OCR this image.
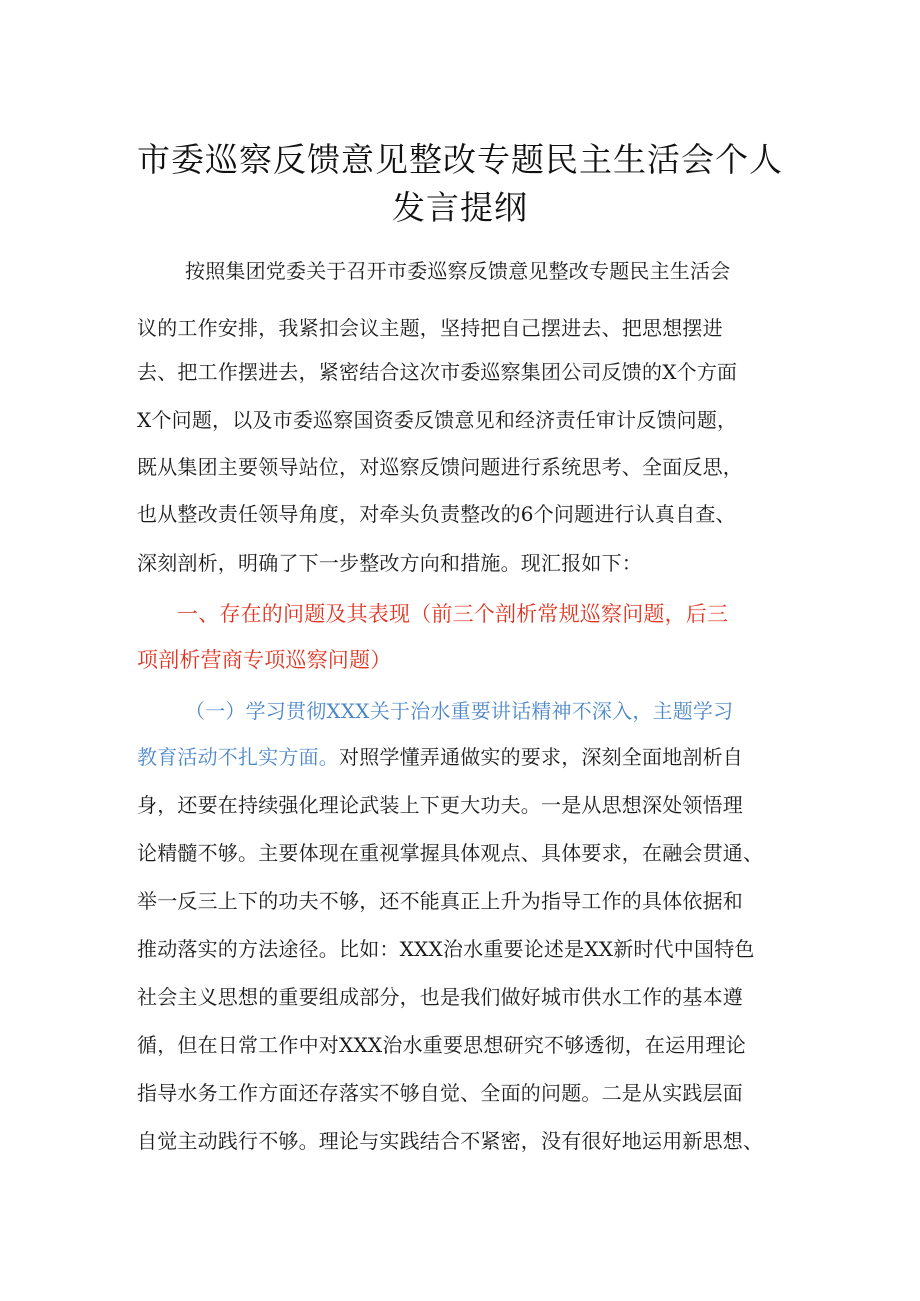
市委巡察反馈意见整改专题民主生活会个人
发言提纲

按照集团党委关于召开市委巡察反馈意见整改专题民主生活会

议的工作安排，我紧扣会议主题，坚持把自己摆进去、把思想摆进

去、把工作摆进去，紧密结合这次市委巡察集团公司反馈的X个方面

X个问题，以及市委巡察国资委反馈意见和经济责任审计反馈问题，

既从集团主要领导站位，对巡察反馈问题进行系统思考、全面反思，

也从整改责任领导角度，对牵头负责整改的6个问题进行认真自查、

深刻剖析，明确了下一步整改方向和措施。现汇报如下：

一、存在的问题及其表现（前三个剖析常规巡察问题，后三

项剖析营商专项巡察问题）

（一）学习贯彻XXX关于治水重要讲话精神不深入，主题学习

教育活动不扎实方面。对照学懂弄通做实的要求，深刻全面地剖析自

身，还要在持续强化理论武装上下更大功夫。一是从思想深处领悟理

论精髓不够。主要体现在重视掌握具体观点、具体要求，在融会贯通、

举一反三上下的功夫不够，还不能真正上升为指导工作的具体依据和

推动落实的方法途径。比如：XXX治水重要论述是XX新时代中国特色

社会主义思想的重要组成部分，也是我们做好城市供水工作的基本遵

循，但在日常工作中对XXX治水重要思想研究不够透彻，在运用理论

指导水务工作方面还存落实不够自觉、全面的问题。二是从实践层面

自觉主动践行不够。理论与实践结合不紧密，没有很好地运用新思想、
